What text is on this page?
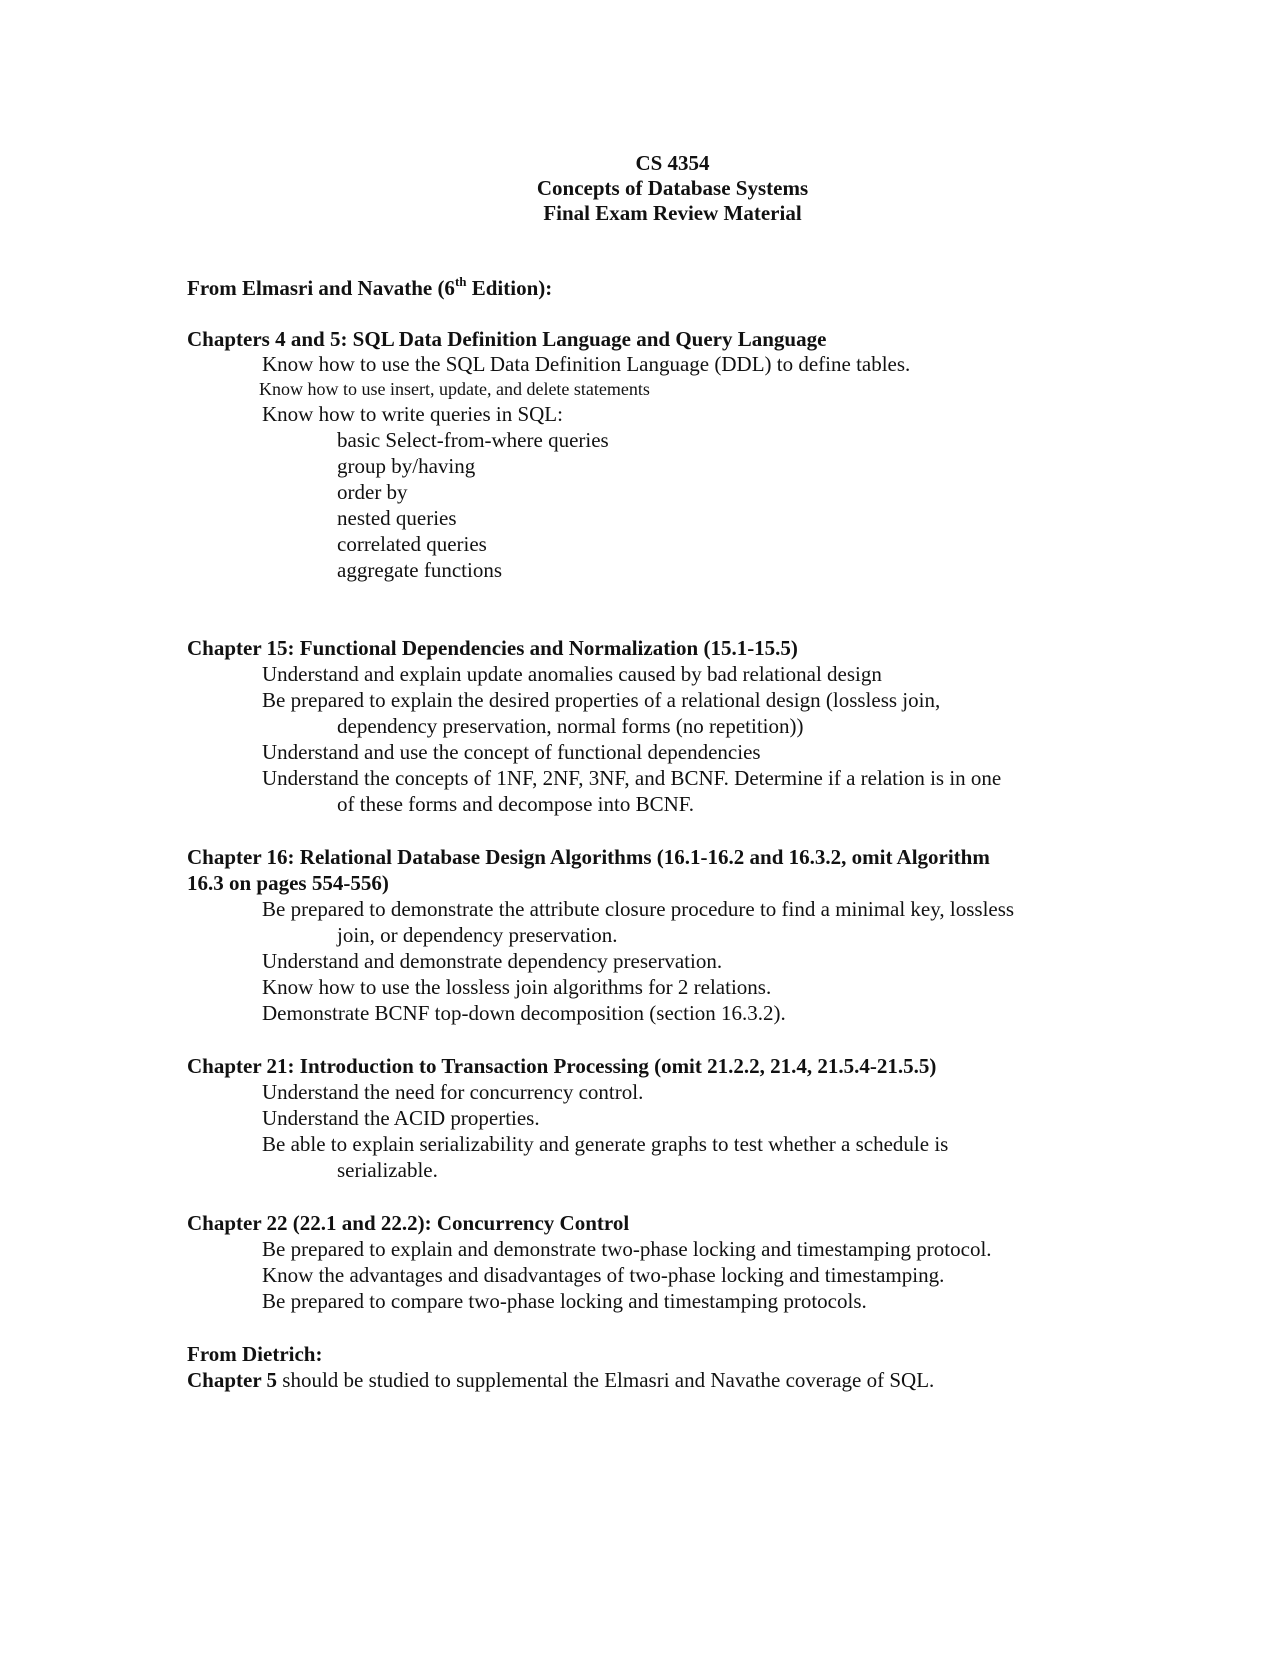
CS 4354
Concepts of Database Systems
Final Exam Review Material
From Elmasri and Navathe (6th Edition):
Chapters 4 and 5: SQL Data Definition Language and Query Language
Know how to use the SQL Data Definition Language (DDL) to define tables.
Know how to use insert, update, and delete statements
Know how to write queries in SQL:
basic Select-from-where queries
group by/having
order by
nested queries
correlated queries
aggregate functions
Chapter 15: Functional Dependencies and Normalization (15.1-15.5)
Understand and explain update anomalies caused by bad relational design
Be prepared to explain the desired properties of a relational design (lossless join,
dependency preservation, normal forms (no repetition))
Understand and use the concept of functional dependencies
Understand the concepts of 1NF, 2NF, 3NF, and BCNF. Determine if a relation is in one
of these forms and decompose into BCNF.
Chapter 16: Relational Database Design Algorithms (16.1-16.2 and 16.3.2, omit Algorithm
16.3 on pages 554-556)
Be prepared to demonstrate the attribute closure procedure to find a minimal key, lossless
join, or dependency preservation.
Understand and demonstrate dependency preservation.
Know how to use the lossless join algorithms for 2 relations.
Demonstrate BCNF top-down decomposition (section 16.3.2).
Chapter 21: Introduction to Transaction Processing (omit 21.2.2, 21.4, 21.5.4-21.5.5)
Understand the need for concurrency control.
Understand the ACID properties.
Be able to explain serializability and generate graphs to test whether a schedule is
serializable.
Chapter 22 (22.1 and 22.2): Concurrency Control
Be prepared to explain and demonstrate two-phase locking and timestamping protocol.
Know the advantages and disadvantages of two-phase locking and timestamping.
Be prepared to compare two-phase locking and timestamping protocols.
From Dietrich:
Chapter 5 should be studied to supplemental the Elmasri and Navathe coverage of SQL.
